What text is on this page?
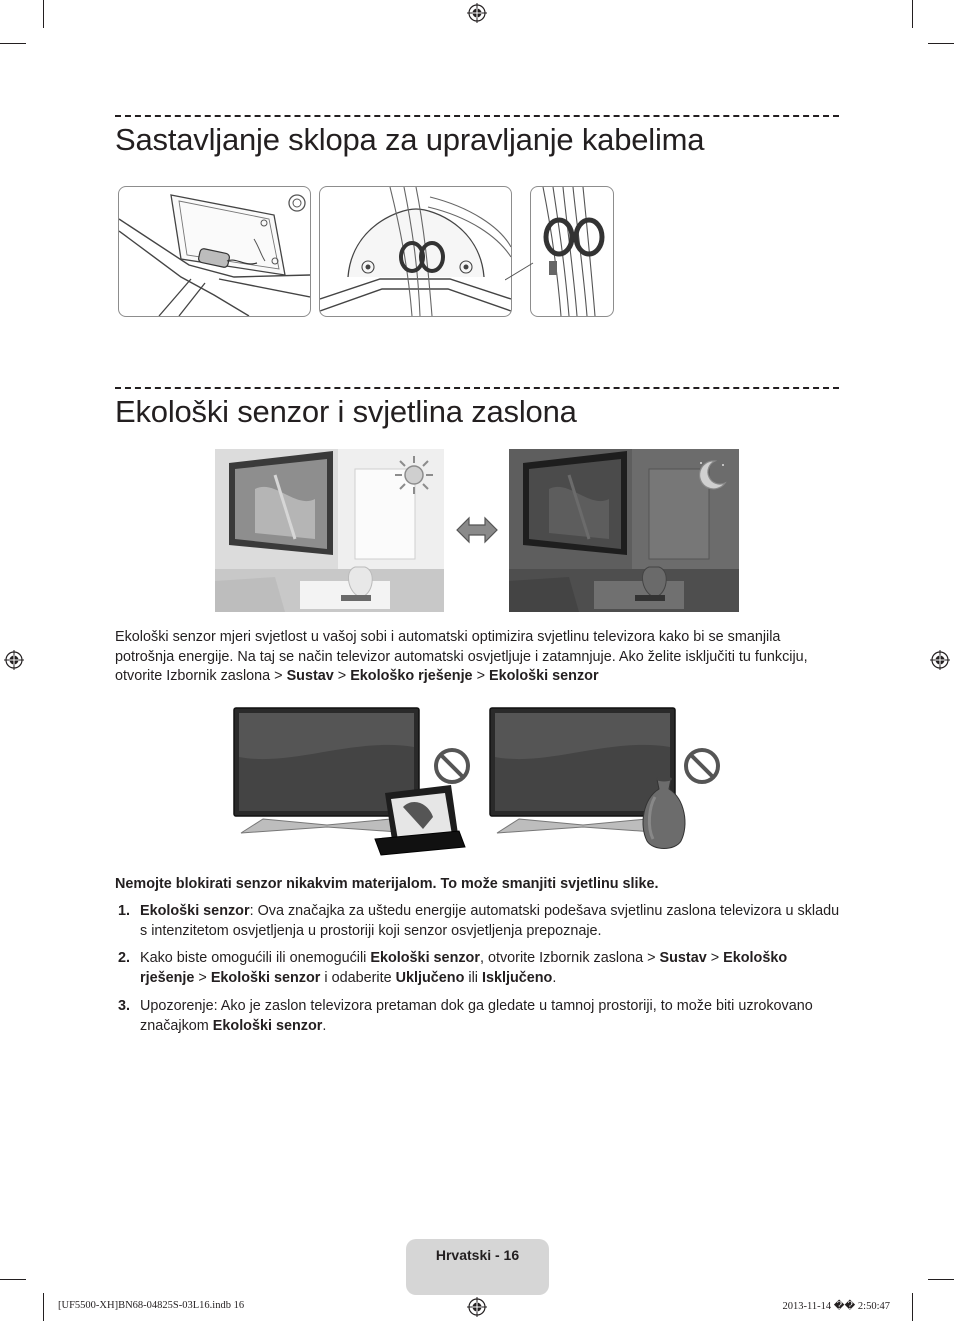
Sastavljanje sklopa za upravljanje kabelima
Ekološki senzor i svjetlina zaslona

Ekološki senzor mjeri svjetlost u vašoj sobi i automatski optimizira svjetlinu televizora kako bi se smanjila potrošnja energije. Na taj se način televizor automatski osvjetljuje i zatamnjuje. Ako želite isključiti tu funkciju, otvorite Izbornik zaslona > Sustav > Ekološko rješenje > Ekološki senzor

Nemojte blokirati senzor nikakvim materijalom. To može smanjiti svjetlinu slike.

1. Ekološki senzor: Ova značajka za uštedu energije automatski podešava svjetlinu zaslona televizora u skladu s intenzitetom osvjetljenja u prostoriji koji senzor osvjetljenja prepoznaje.
2. Kako biste omogućili ili onemogućili Ekološki senzor, otvorite Izbornik zaslona > Sustav > Ekološko rješenje > Ekološki senzor i odaberite Uključeno ili Isključeno.
3. Upozorenje: Ako je zaslon televizora pretaman dok ga gledate u tamnoj prostoriji, to može biti uzrokovano značajkom Ekološki senzor.
Hrvatski - 16
[UF5500-XH]BN68-04825S-03L16.indb 16	2013-11-14 �� 2:50:47
